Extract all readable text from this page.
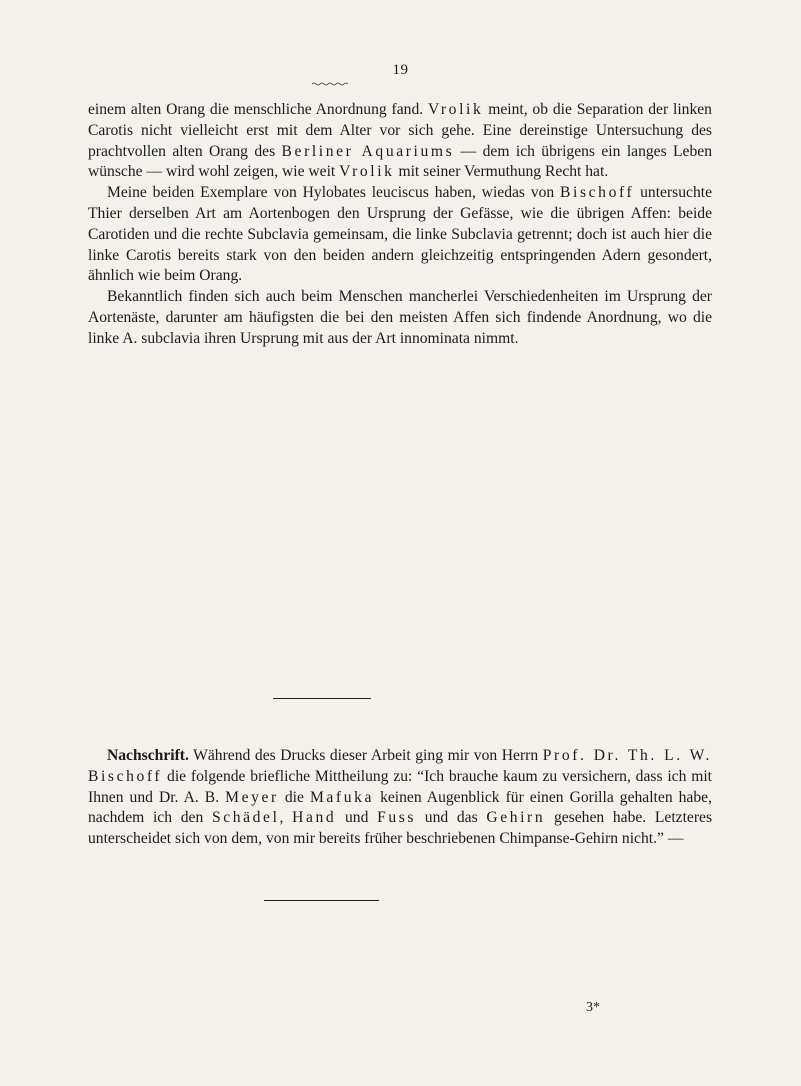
19

einem alten Orang die menschliche Anordnung fand. Vrolik meint, ob die Separation der linken Carotis nicht vielleicht erst mit dem Alter vor sich gehe. Eine dereinstige Untersuchung des prachtvollen alten Orang des Berliner Aquariums — dem ich übrigens ein langes Leben wünsche — wird wohl zeigen, wie weit Vrolik mit seiner Vermuthung Recht hat.

Meine beiden Exemplare von Hylobates leuciscus haben, wiedas von Bischoff untersuchte Thier derselben Art am Aortenbogen den Ursprung der Gefässe, wie die übrigen Affen: beide Carotiden und die rechte Subclavia gemeinsam, die linke Subclavia getrennt; doch ist auch hier die linke Carotis bereits stark von den beiden andern gleichzeitig entspringenden Adern gesondert, ähnlich wie beim Orang.

Bekanntlich finden sich auch beim Menschen mancherlei Verschiedenheiten im Ursprung der Aortenäste, darunter am häufigsten die bei den meisten Affen sich findende Anordnung, wo die linke A. subclavia ihren Ursprung mit aus der Art innominata nimmt.

Nachschrift. Während des Drucks dieser Arbeit ging mir von Herrn Prof. Dr. Th. L. W. Bischoff die folgende briefliche Mittheilung zu: “Ich brauche kaum zu versichern, dass ich mit Ihnen und Dr. A. B. Meyer die Mafuka keinen Augenblick für einen Gorilla gehalten habe, nachdem ich den Schädel, Hand und Fuss und das Gehirn gesehen habe. Letzteres unterscheidet sich von dem, von mir bereits früher beschriebenen Chimpanse-Gehirn nicht.” —

3*
